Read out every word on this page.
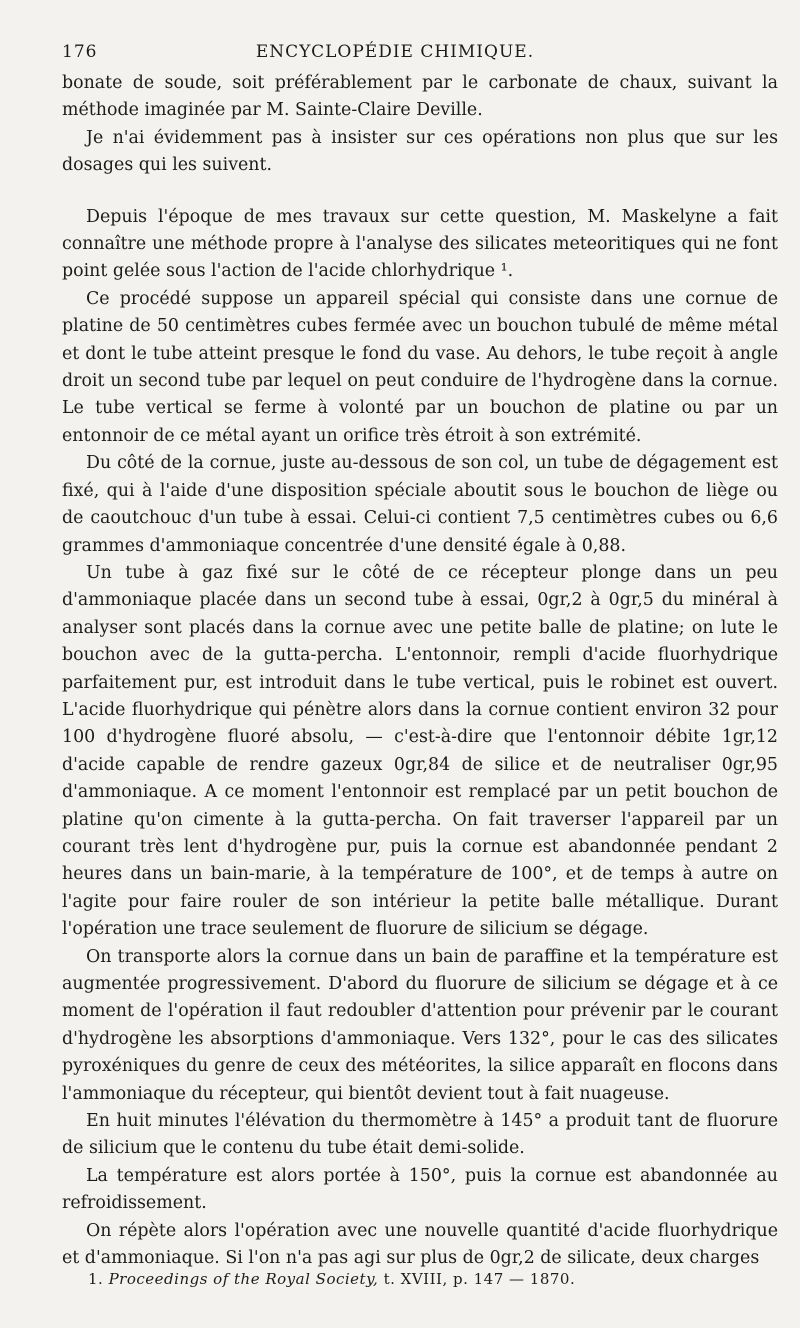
176	ENCYCLOPÉDIE CHIMIQUE.

bonate de soude, soit préférablement par le carbonate de chaux, suivant la méthode imaginée par M. Sainte-Claire Deville.

Je n'ai évidemment pas à insister sur ces opérations non plus que sur les dosages qui les suivent.

Depuis l'époque de mes travaux sur cette question, M. Maskelyne a fait connaître une méthode propre à l'analyse des silicates meteoritiques qui ne font point gelée sous l'action de l'acide chlorhydrique ¹.

Ce procédé suppose un appareil spécial qui consiste dans une cornue de platine de 50 centimètres cubes fermée avec un bouchon tubulé de même métal et dont le tube atteint presque le fond du vase. Au dehors, le tube reçoit à angle droit un second tube par lequel on peut conduire de l'hydrogène dans la cornue. Le tube vertical se ferme à volonté par un bouchon de platine ou par un entonnoir de ce métal ayant un orifice très étroit à son extrémité.

Du côté de la cornue, juste au-dessous de son col, un tube de dégagement est fixé, qui à l'aide d'une disposition spéciale aboutit sous le bouchon de liège ou de caoutchouc d'un tube à essai. Celui-ci contient 7,5 centimètres cubes ou 6,6 grammes d'ammoniaque concentrée d'une densité égale à 0,88.

Un tube à gaz fixé sur le côté de ce récepteur plonge dans un peu d'ammoniaque placée dans un second tube à essai, 0gr,2 à 0gr,5 du minéral à analyser sont placés dans la cornue avec une petite balle de platine; on lute le bouchon avec de la gutta-percha. L'entonnoir, rempli d'acide fluorhydrique parfaitement pur, est introduit dans le tube vertical, puis le robinet est ouvert. L'acide fluorhydrique qui pénètre alors dans la cornue contient environ 32 pour 100 d'hydrogène fluoré absolu, — c'est-à-dire que l'entonnoir débite 1gr,12 d'acide capable de rendre gazeux 0gr,84 de silice et de neutraliser 0gr,95 d'ammoniaque. A ce moment l'entonnoir est remplacé par un petit bouchon de platine qu'on cimente à la gutta-percha. On fait traverser l'appareil par un courant très lent d'hydrogène pur, puis la cornue est abandonnée pendant 2 heures dans un bain-marie, à la température de 100°, et de temps à autre on l'agite pour faire rouler de son intérieur la petite balle métallique. Durant l'opération une trace seulement de fluorure de silicium se dégage.

On transporte alors la cornue dans un bain de paraffine et la température est augmentée progressivement. D'abord du fluorure de silicium se dégage et à ce moment de l'opération il faut redoubler d'attention pour prévenir par le courant d'hydrogène les absorptions d'ammoniaque. Vers 132°, pour le cas des silicates pyroxéniques du genre de ceux des météorites, la silice apparaît en flocons dans l'ammoniaque du récepteur, qui bientôt devient tout à fait nuageuse.

En huit minutes l'élévation du thermomètre à 145° a produit tant de fluorure de silicium que le contenu du tube était demi-solide.

La température est alors portée à 150°, puis la cornue est abandonnée au refroidissement.

On répète alors l'opération avec une nouvelle quantité d'acide fluorhydrique et d'ammoniaque. Si l'on n'a pas agi sur plus de 0gr,2 de silicate, deux charges

1. Proceedings of the Royal Society, t. XVIII, p. 147 — 1870.
